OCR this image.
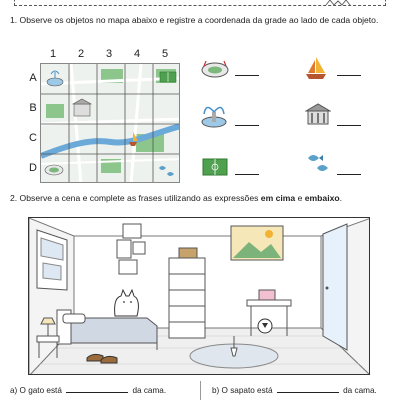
1. Observe os objetos no mapa abaixo e registre a coordenada da grade ao lado de cada objeto.
1	2	3	4	5
A
B
C
D
2. Observe a cena e complete as frases utilizando as expressões em cima e embaixo.
a) O gato está	da cama.	b) O sapato está	da cama.
